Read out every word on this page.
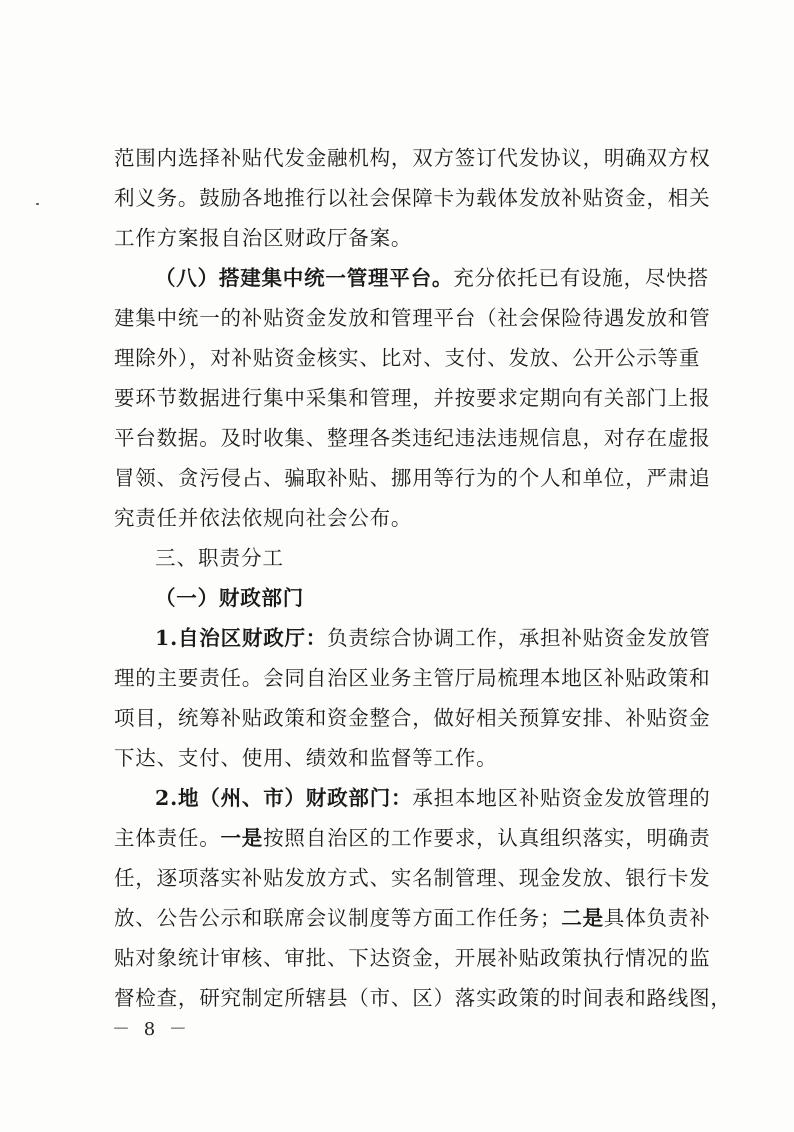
范围内选择补贴代发金融机构，双方签订代发协议，明确双方权
利义务。鼓励各地推行以社会保障卡为载体发放补贴资金，相关
工作方案报自治区财政厅备案。
（八）搭建集中统一管理平台。充分依托已有设施，尽快搭
建集中统一的补贴资金发放和管理平台（社会保险待遇发放和管
理除外），对补贴资金核实、比对、支付、发放、公开公示等重
要环节数据进行集中采集和管理，并按要求定期向有关部门上报
平台数据。及时收集、整理各类违纪违法违规信息，对存在虚报
冒领、贪污侵占、骗取补贴、挪用等行为的个人和单位，严肃追
究责任并依法依规向社会公布。
三、职责分工
（一）财政部门
1.自治区财政厅：负责综合协调工作，承担补贴资金发放管
理的主要责任。会同自治区业务主管厅局梳理本地区补贴政策和
项目，统筹补贴政策和资金整合，做好相关预算安排、补贴资金
下达、支付、使用、绩效和监督等工作。
2.地（州、市）财政部门：承担本地区补贴资金发放管理的
主体责任。一是按照自治区的工作要求，认真组织落实，明确责
任，逐项落实补贴发放方式、实名制管理、现金发放、银行卡发
放、公告公示和联席会议制度等方面工作任务；二是具体负责补
贴对象统计审核、审批、下达资金，开展补贴政策执行情况的监
督检查，研究制定所辖县（市、区）落实政策的时间表和路线图，
－ 8 －
